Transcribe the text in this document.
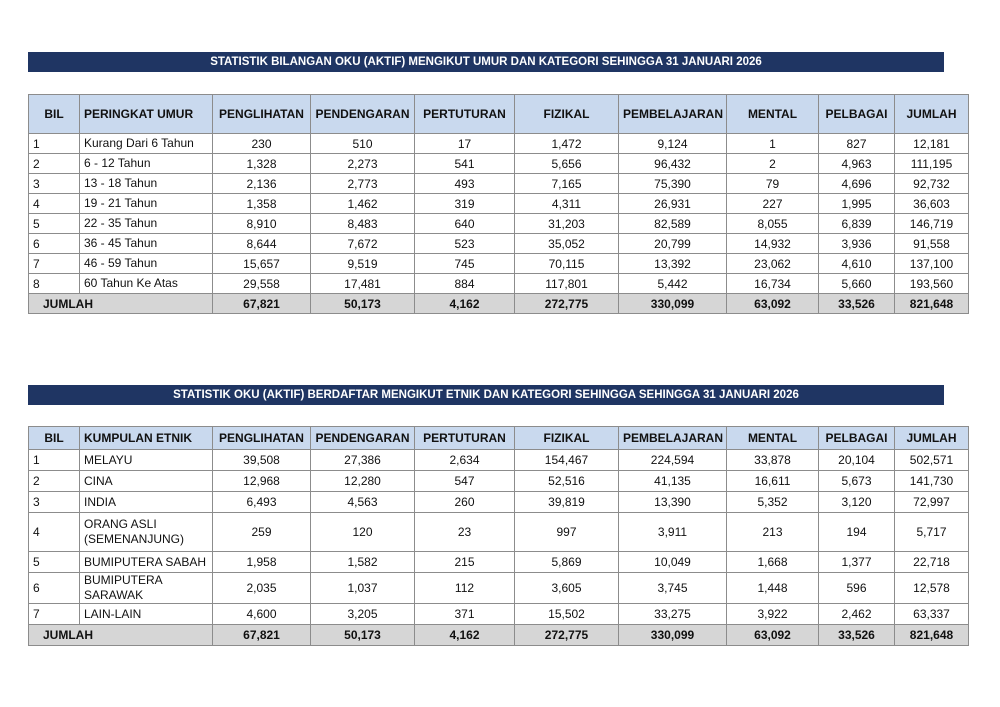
STATISTIK BILANGAN OKU (AKTIF) MENGIKUT UMUR DAN KATEGORI SEHINGGA 31 JANUARI 2026
BIL	PERINGKAT UMUR	PENGLIHATAN	PENDENGARAN	PERTUTURAN	FIZIKAL	PEMBELAJARAN	MENTAL	PELBAGAI	JUMLAH
1	Kurang Dari 6 Tahun	230	510	17	1,472	9,124	1	827	12,181
2	6 - 12 Tahun	1,328	2,273	541	5,656	96,432	2	4,963	111,195
3	13 - 18 Tahun	2,136	2,773	493	7,165	75,390	79	4,696	92,732
4	19 - 21 Tahun	1,358	1,462	319	4,311	26,931	227	1,995	36,603
5	22 - 35 Tahun	8,910	8,483	640	31,203	82,589	8,055	6,839	146,719
6	36 - 45 Tahun	8,644	7,672	523	35,052	20,799	14,932	3,936	91,558
7	46 - 59 Tahun	15,657	9,519	745	70,115	13,392	23,062	4,610	137,100
8	60 Tahun Ke Atas	29,558	17,481	884	117,801	5,442	16,734	5,660	193,560
JUMLAH		67,821	50,173	4,162	272,775	330,099	63,092	33,526	821,648
STATISTIK OKU (AKTIF) BERDAFTAR MENGIKUT ETNIK DAN KATEGORI SEHINGGA SEHINGGA 31 JANUARI 2026
BIL	KUMPULAN ETNIK	PENGLIHATAN	PENDENGARAN	PERTUTURAN	FIZIKAL	PEMBELAJARAN	MENTAL	PELBAGAI	JUMLAH
1	MELAYU	39,508	27,386	2,634	154,467	224,594	33,878	20,104	502,571
2	CINA	12,968	12,280	547	52,516	41,135	16,611	5,673	141,730
3	INDIA	6,493	4,563	260	39,819	13,390	5,352	3,120	72,997
4	ORANG ASLI (SEMENANJUNG)	259	120	23	997	3,911	213	194	5,717
5	BUMIPUTERA SABAH	1,958	1,582	215	5,869	10,049	1,668	1,377	22,718
6	BUMIPUTERA SARAWAK	2,035	1,037	112	3,605	3,745	1,448	596	12,578
7	LAIN-LAIN	4,600	3,205	371	15,502	33,275	3,922	2,462	63,337
JUMLAH		67,821	50,173	4,162	272,775	330,099	63,092	33,526	821,648
